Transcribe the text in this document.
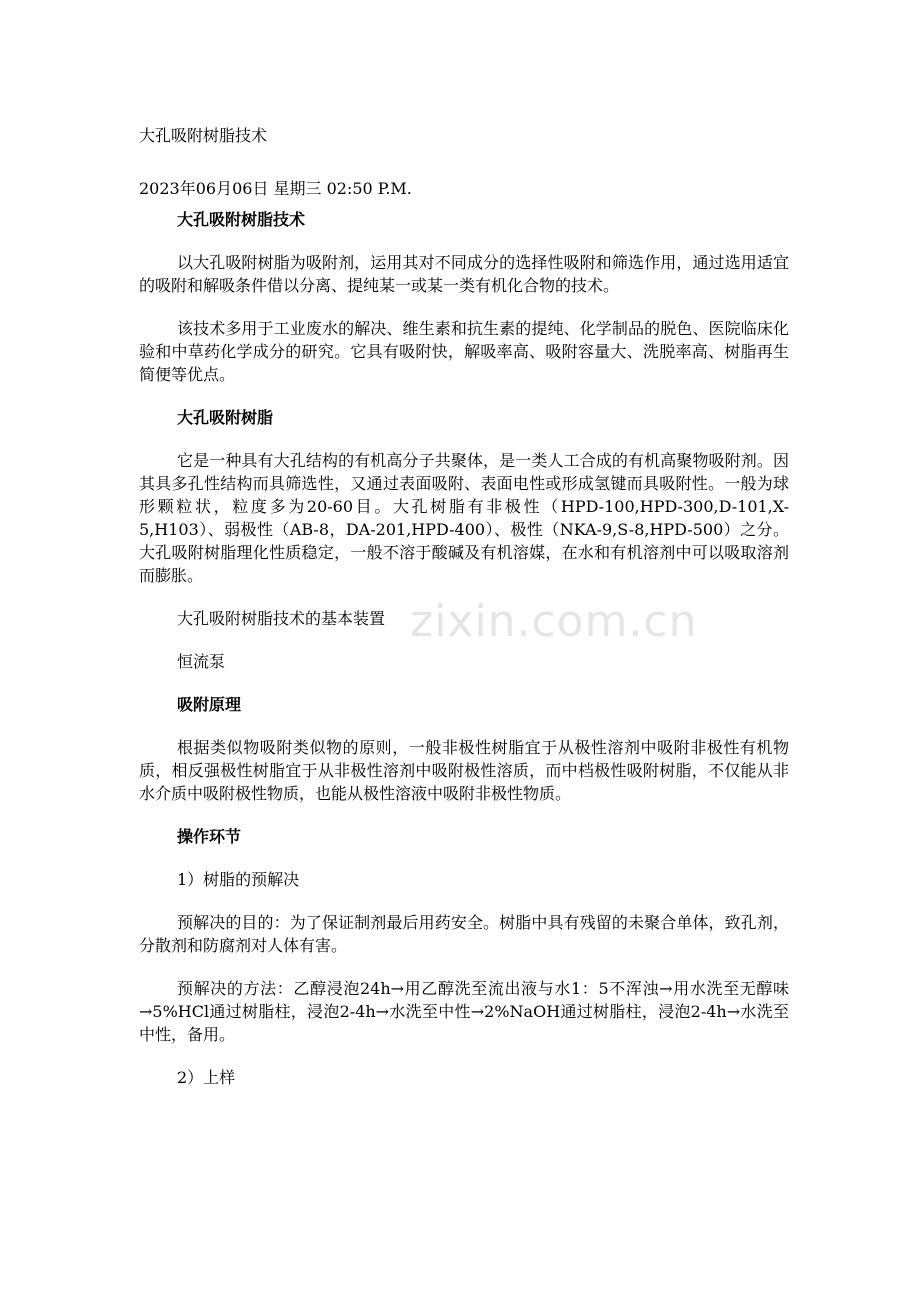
大孔吸附树脂技术

2023年06月06日 星期三 02:50 P.M.

大孔吸附树脂技术

以大孔吸附树脂为吸附剂，运用其对不同成分的选择性吸附和筛选作用，通过选用适宜的吸附和解吸条件借以分离、提纯某一或某一类有机化合物的技术。

该技术多用于工业废水的解决、维生素和抗生素的提纯、化学制品的脱色、医院临床化验和中草药化学成分的研究。它具有吸附快，解吸率高、吸附容量大、洗脱率高、树脂再生简便等优点。

大孔吸附树脂

它是一种具有大孔结构的有机高分子共聚体，是一类人工合成的有机高聚物吸附剂。因其具多孔性结构而具筛选性，又通过表面吸附、表面电性或形成氢键而具吸附性。一般为球形颗粒状，粒度多为20-60目。大孔树脂有非极性（HPD-100,HPD-300,D-101,X-5,H103）、弱极性（AB-8，DA-201,HPD-400）、极性（NKA-9,S-8,HPD-500）之分。大孔吸附树脂理化性质稳定，一般不溶于酸碱及有机溶媒，在水和有机溶剂中可以吸取溶剂而膨胀。

大孔吸附树脂技术的基本装置

恒流泵

吸附原理

根据类似物吸附类似物的原则，一般非极性树脂宜于从极性溶剂中吸附非极性有机物质，相反强极性树脂宜于从非极性溶剂中吸附极性溶质，而中档极性吸附树脂，不仅能从非水介质中吸附极性物质，也能从极性溶液中吸附非极性物质。

操作环节

1）树脂的预解决

预解决的目的：为了保证制剂最后用药安全。树脂中具有残留的未聚合单体，致孔剂，分散剂和防腐剂对人体有害。

预解决的方法：乙醇浸泡24h→用乙醇洗至流出液与水1：5不浑浊→用水洗至无醇味→5%HCl通过树脂柱，浸泡2-4h→水洗至中性→2%NaOH通过树脂柱，浸泡2-4h→水洗至中性，备用。

2）上样

zixin.com.cn
